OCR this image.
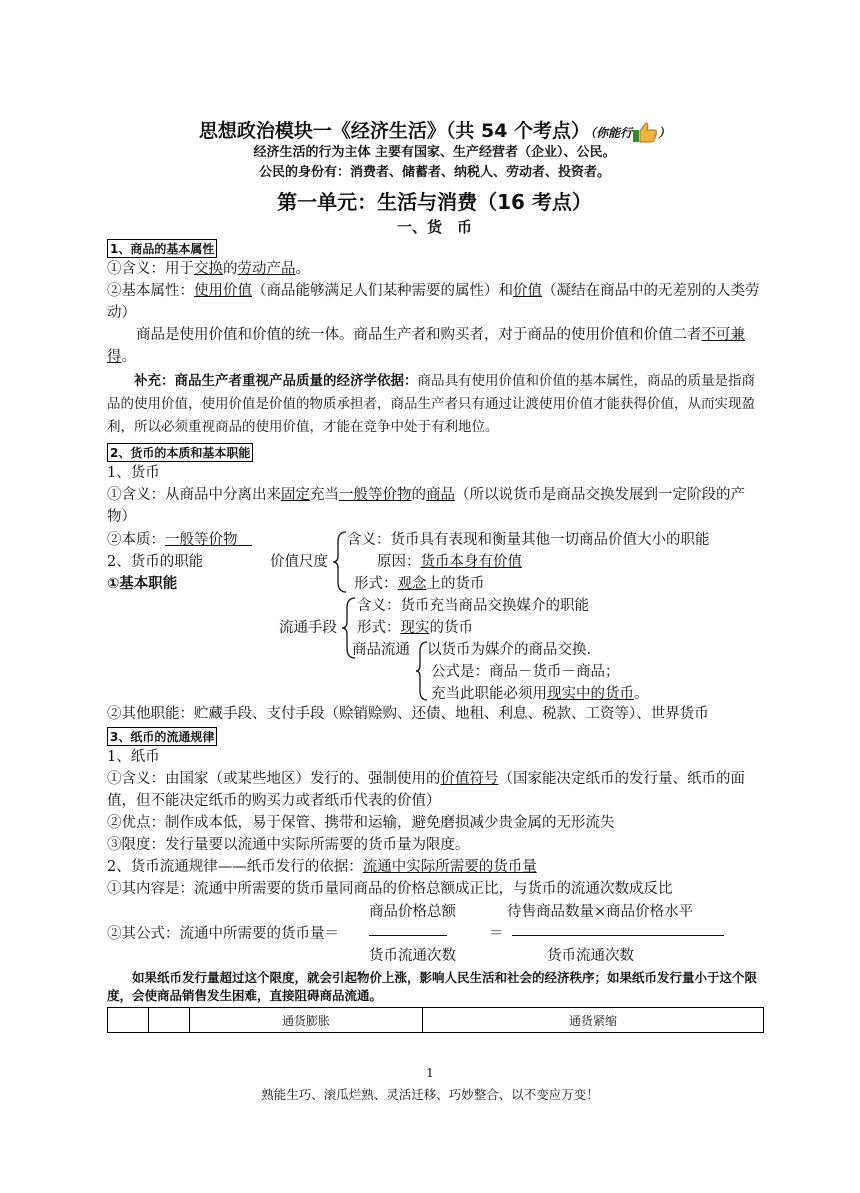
思想政治模块一《经济生活》（共 54 个考点）（你能行 ）
经济生活的行为主体 主要有国家、生产经营者（企业）、公民。
公民的身份有：消费者、储蓄者、纳税人、劳动者、投资者。
第一单元：生活与消费（16 考点）
一、货　币
1、商品的基本属性

①含义：用于交换的劳动产品。

②基本属性：使用价值（商品能够满足人们某种需要的属性）和价值（凝结在商品中的无差别的人类劳动）

商品是使用价值和价值的统一体。商品生产者和购买者，对于商品的使用价值和价值二者不可兼得。

补充：商品生产者重视产品质量的经济学依据：商品具有使用价值和价值的基本属性，商品的质量是指商品的使用价值，使用价值是价值的物质承担者，商品生产者只有通过让渡使用价值才能获得价值，从而实现盈利，所以必须重视商品的使用价值，才能在竞争中处于有利地位。

2、货币的本质和基本职能

1、货币

①含义：从商品中分离出来固定充当一般等价物的商品（所以说货币是商品交换发展到一定阶段的产物）

②本质：一般等价物　
2、货币的职能
①基本职能
价值尺度
含义：货币具有表现和衡量其他一切商品价值大小的职能
原因：货币本身有价值
形式：观念上的货币
流通手段
含义：货币充当商品交换媒介的职能
形式：现实的货币
商品流通 以货币为媒介的商品交换.
公式是：商品－货币－商品；
充当此职能必须用现实中的货币。

②其他职能：贮藏手段、支付手段（赊销赊购、还债、地租、利息、税款、工资等）、世界货币

3、纸币的流通规律

1、纸币

①含义：由国家（或某些地区）发行的、强制使用的价值符号（国家能决定纸币的发行量、纸币的面值，但不能决定纸币的购买力或者纸币代表的价值）

②优点：制作成本低，易于保管、携带和运输，避免磨损减少贵金属的无形流失

③限度：发行量要以流通中实际所需要的货币量为限度。

2、货币流通规律——纸币发行的依据：流通中实际所需要的货币量

①其内容是：流通中所需要的货币量同商品的价格总额成正比，与货币的流通次数成反比

商品价格总额	待售商品数量×商品价格水平
②其公式：流通中所需要的货币量＝	＝
货币流通次数	货币流通次数
如果纸币发行量超过这个限度，就会引起物价上涨，影响人民生活和社会的经济秩序；如果纸币发行量小于这个限度，会使商品销售发生困难，直接阻碍商品流通。
		通货膨胀	通货紧缩
1
熟能生巧、滚瓜烂熟、灵活迁移、巧妙整合、以不变应万变！
